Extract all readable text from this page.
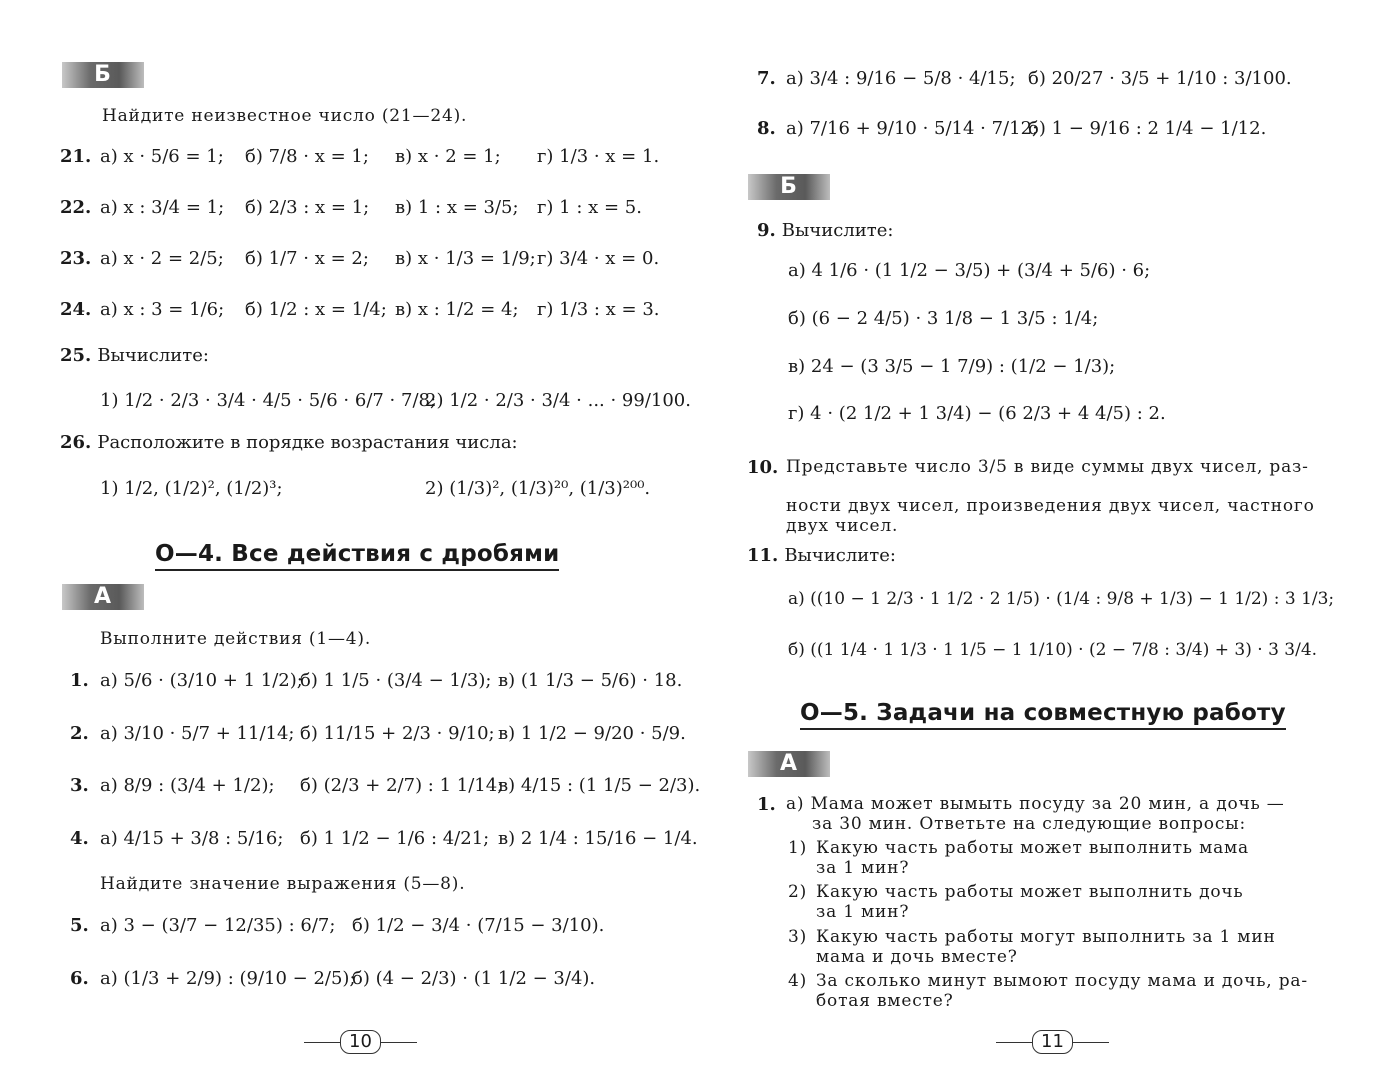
Б
Найдите неизвестное число (21—24).
21. а) x · 5/6 = 1; б) 7/8 · x = 1; в) x · 2 = 1; г) 1/3 · x = 1.
22. а) x : 3/4 = 1; б) 2/3 : x = 1; в) 1 : x = 3/5; г) 1 : x = 5.
23. а) x · 2 = 2/5; б) 1/7 · x = 2; в) x · 1/3 = 1/9; г) 3/4 · x = 0.
24. а) x : 3 = 1/6; б) 1/2 : x = 1/4; в) x : 1/2 = 4; г) 1/3 : x = 3.
25. Вычислите:
1) 1/2 · 2/3 · 3/4 · 4/5 · 5/6 · 6/7 · 7/8;
2) 1/2 · 2/3 · 3/4 · ... · 99/100.
26. Расположите в порядке возрастания числа:
1) 1/2, (1/2)², (1/2)³;	2) (1/3)², (1/3)²⁰, (1/3)²⁰⁰.
О—4. Все действия с дробями
А
Выполните действия (1—4).
1. а) 5/6 · (3/10 + 1 1/2);
б) 1 1/5 · (3/4 − 1/3); в) (1 1/3 − 5/6) · 18.
2. а) 3/10 · 5/7 + 11/14; б) 11/15 + 2/3 · 9/10; в) 1 1/2 − 9/20 · 5/9.
3. а) 8/9 : (3/4 + 1/2); б) (2/3 + 2/7) : 1 1/14;
в) 4/15 : (1 1/5 − 2/3).
4. а) 4/15 + 3/8 : 5/16; б) 1 1/2 − 1/6 : 4/21; в) 2 1/4 : 15/16 − 1/4.
Найдите значение выражения (5—8).
5. а) 3 − (3/7 − 12/35) : 6/7; б) 1/2 − 3/4 · (7/15 − 3/10).
6. а) (1/3 + 2/9) : (9/10 − 2/5);
б) (4 − 2/3) · (1 1/2 − 3/4).
10
7. а) 3/4 : 9/16 − 5/8 · 4/15; б) 20/27 · 3/5 + 1/10 : 3/100.
8. а) 7/16 + 9/10 · 5/14 · 7/12;
б) 1 − 9/16 : 2 1/4 − 1/12.
Б
9. Вычислите:
а) 4 1/6 · (1 1/2 − 3/5) + (3/4 + 5/6) · 6;
б) (6 − 2 4/5) · 3 1/8 − 1 3/5 : 1/4;
в) 24 − (3 3/5 − 1 7/9) : (1/2 − 1/3);
г) 4 · (2 1/2 + 1 3/4) − (6 2/3 + 4 4/5) : 2.
10. Представьте число 3/5 в виде суммы двух чисел, раз-
ности двух чисел, произведения двух чисел, частного
двух чисел.
11. Вычислите:
а) ((10 − 1 2/3 · 1 1/2 · 2 1/5) · (1/4 : 9/8 + 1/3) − 1 1/2) : 3 1/3;
б) ((1 1/4 · 1 1/3 · 1 1/5 − 1 1/10) · (2 − 7/8 : 3/4) + 3) · 3 3/4.
О—5. Задачи на совместную работу
А
1. а) Мама может вымыть посуду за 20 мин, а дочь —
за 30 мин. Ответьте на следующие вопросы:
1) Какую часть работы может выполнить мама
за 1 мин?
2) Какую часть работы может выполнить дочь
за 1 мин?
3) Какую часть работы могут выполнить за 1 мин
мама и дочь вместе?
4) За сколько минут вымоют посуду мама и дочь, ра-
ботая вместе?
11
